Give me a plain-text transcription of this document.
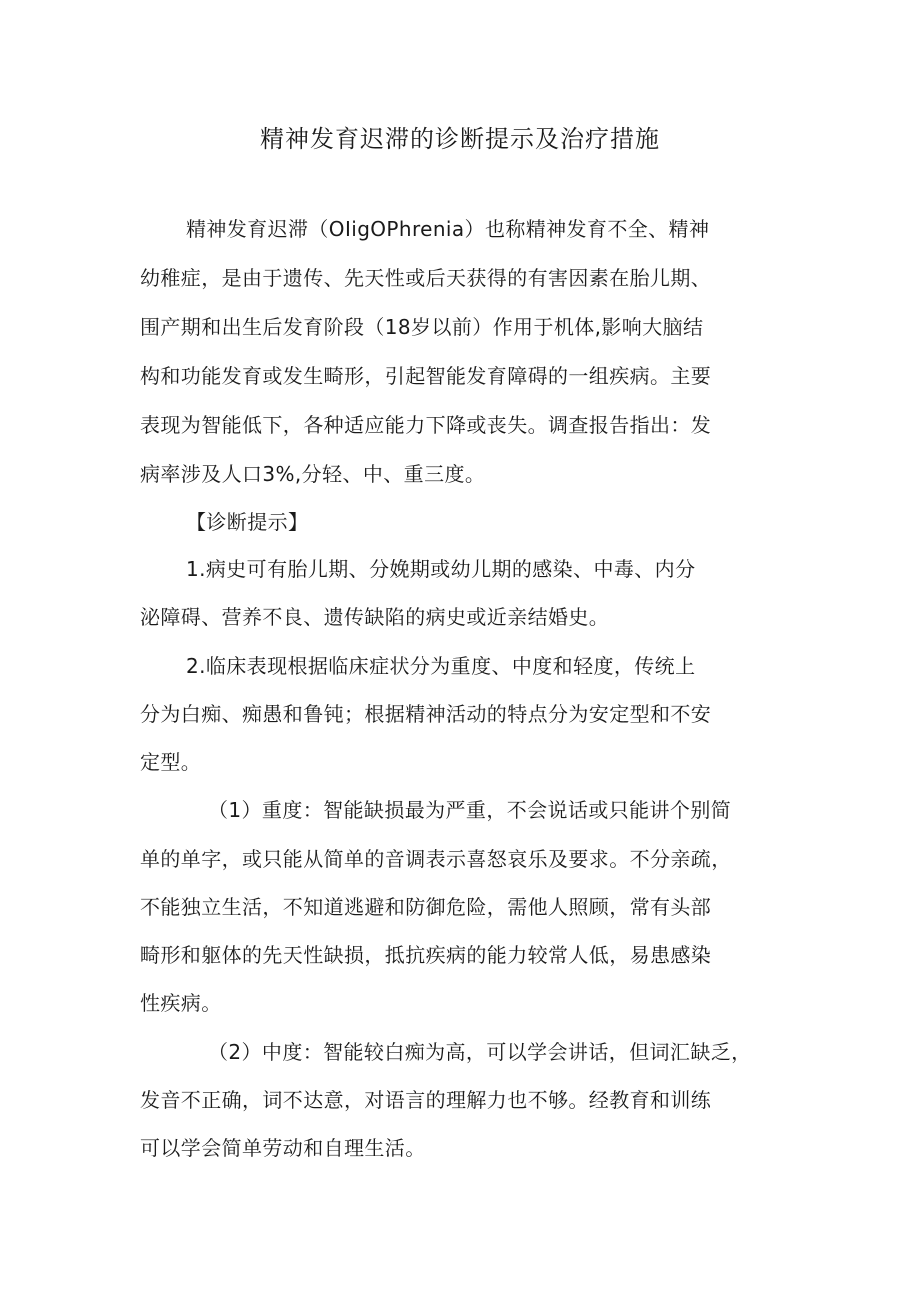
精神发育迟滞的诊断提示及治疗措施
精神发育迟滞（OIigOPhrenia）也称精神发育不全、精神
幼稚症，是由于遗传、先天性或后天获得的有害因素在胎儿期、
围产期和出生后发育阶段（18岁以前）作用于机体,影响大脑结
构和功能发育或发生畸形，引起智能发育障碍的一组疾病。主要
表现为智能低下，各种适应能力下降或丧失。调查报告指出：发
病率涉及人口3%,分轻、中、重三度。
【诊断提示】
1.病史可有胎儿期、分娩期或幼儿期的感染、中毒、内分
泌障碍、营养不良、遗传缺陷的病史或近亲结婚史。
2.临床表现根据临床症状分为重度、中度和轻度，传统上
分为白痴、痴愚和鲁钝；根据精神活动的特点分为安定型和不安
定型。
（1）重度：智能缺损最为严重，不会说话或只能讲个别简
单的单字，或只能从简单的音调表示喜怒哀乐及要求。不分亲疏，
不能独立生活，不知道逃避和防御危险，需他人照顾，常有头部
畸形和躯体的先天性缺损，抵抗疾病的能力较常人低，易患感染
性疾病。
（2）中度：智能较白痴为高，可以学会讲话，但词汇缺乏，
发音不正确，词不达意，对语言的理解力也不够。经教育和训练
可以学会简单劳动和自理生活。
